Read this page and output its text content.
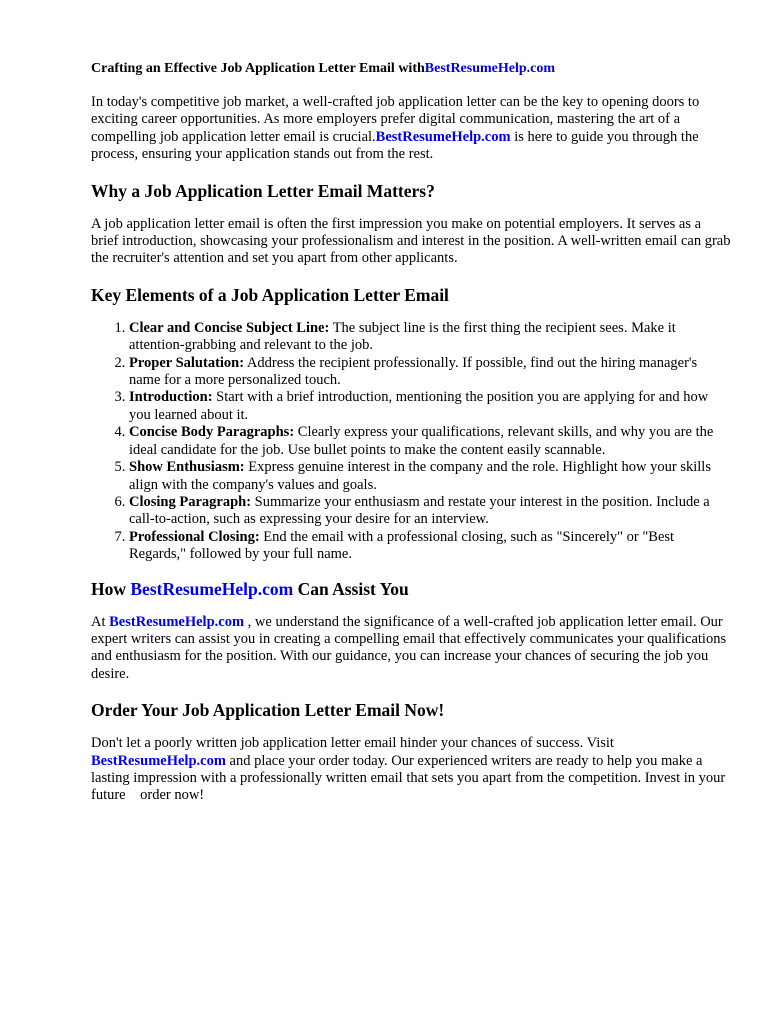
Crafting an Effective Job Application Letter Email withBestResumeHelp.com

In today's competitive job market, a well-crafted job application letter can be the key to opening doors to exciting career opportunities. As more employers prefer digital communication, mastering the art of a compelling job application letter email is crucial.BestResumeHelp.com is here to guide you through the process, ensuring your application stands out from the rest.

Why a Job Application Letter Email Matters?

A job application letter email is often the first impression you make on potential employers. It serves as a brief introduction, showcasing your professionalism and interest in the position. A well-written email can grab the recruiter's attention and set you apart from other applicants.

Key Elements of a Job Application Letter Email
1. Clear and Concise Subject Line: The subject line is the first thing the recipient sees. Make it attention-grabbing and relevant to the job.
2. Proper Salutation: Address the recipient professionally. If possible, find out the hiring manager's name for a more personalized touch.
3. Introduction: Start with a brief introduction, mentioning the position you are applying for and how you learned about it.
4. Concise Body Paragraphs: Clearly express your qualifications, relevant skills, and why you are the ideal candidate for the job. Use bullet points to make the content easily scannable.
5. Show Enthusiasm: Express genuine interest in the company and the role. Highlight how your skills align with the company's values and goals.
6. Closing Paragraph: Summarize your enthusiasm and restate your interest in the position. Include a call-to-action, such as expressing your desire for an interview.
7. Professional Closing: End the email with a professional closing, such as "Sincerely" or "Best Regards," followed by your full name.
How BestResumeHelp.com Can Assist You

At BestResumeHelp.com , we understand the significance of a well-crafted job application letter email. Our expert writers can assist you in creating a compelling email that effectively communicates your qualifications and enthusiasm for the position. With our guidance, you can increase your chances of securing the job you desire.

Order Your Job Application Letter Email Now!

Don't let a poorly written job application letter email hinder your chances of success. Visit BestResumeHelp.com and place your order today. Our experienced writers are ready to help you make a lasting impression with a professionally written email that sets you apart from the competition. Invest in your future    order now!
